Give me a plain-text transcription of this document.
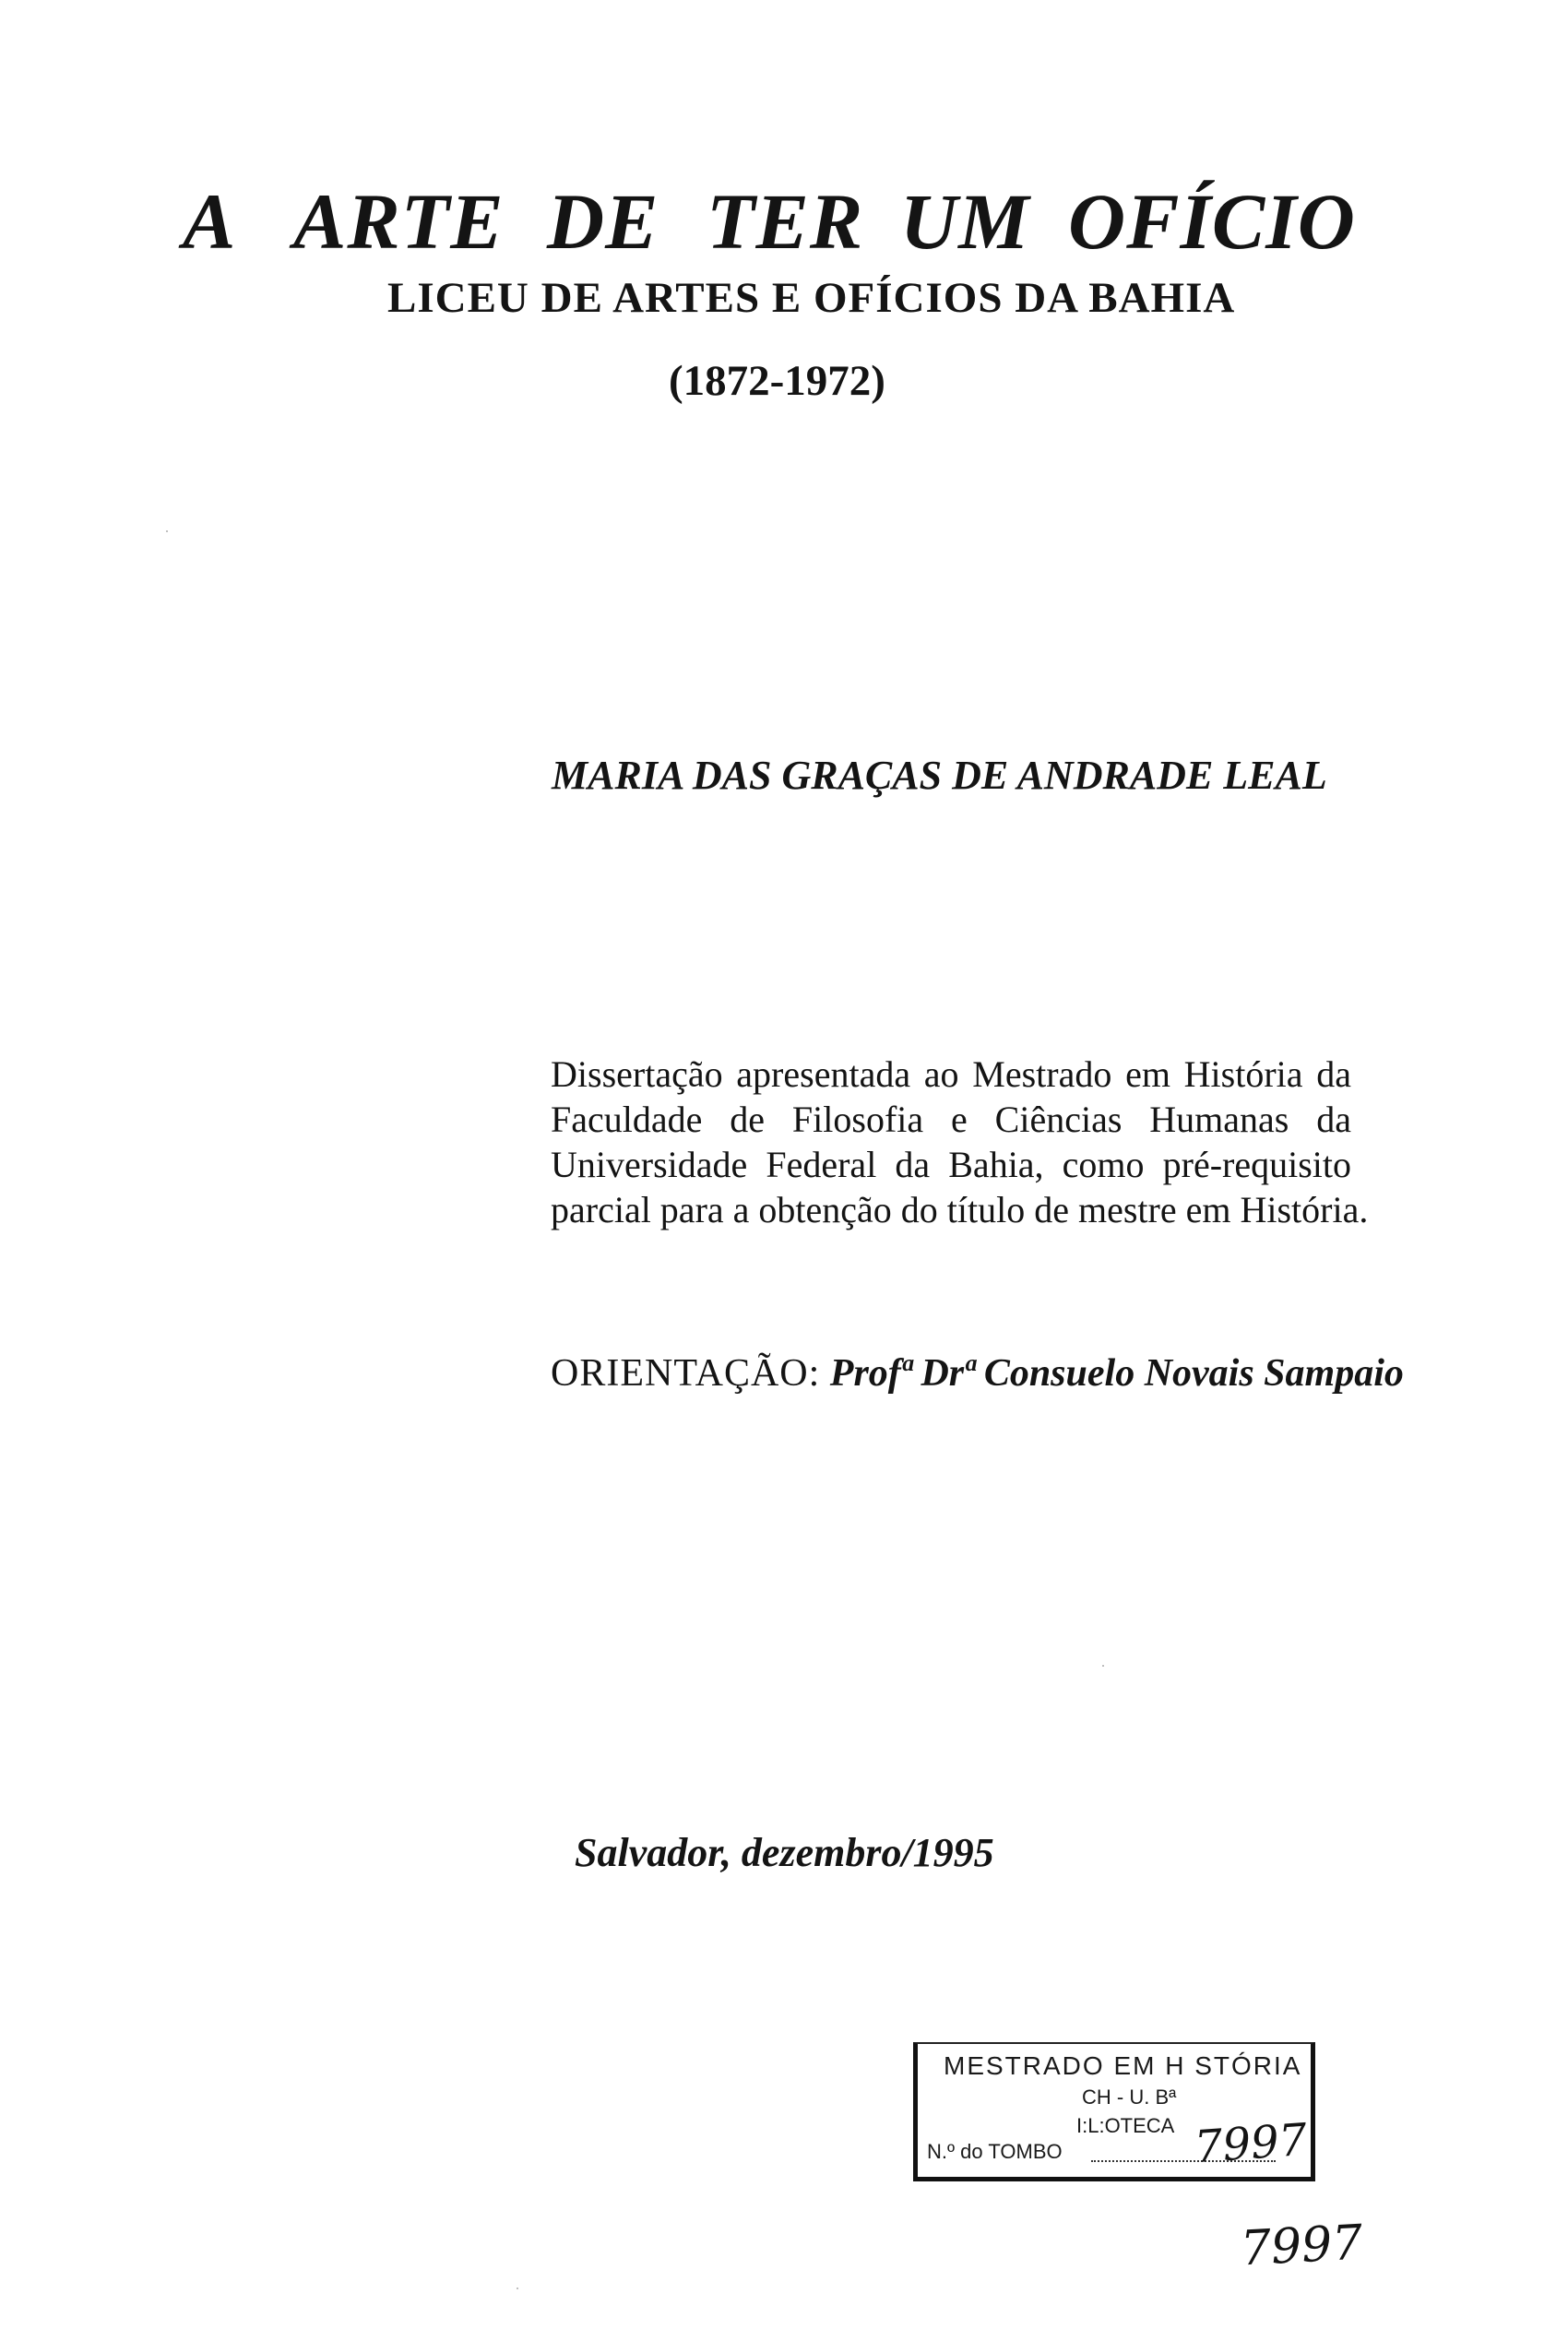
A ARTE DE TER UM OFÍCIO
LICEU DE ARTES E OFÍCIOS DA BAHIA
(1872-1972)
MARIA DAS GRAÇAS DE ANDRADE LEAL
Dissertação apresentada ao Mestrado em História da
Faculdade de Filosofia e Ciências Humanas da
Universidade Federal da Bahia, como pré-requisito
parcial para a obtenção do título de mestre em História.
ORIENTAÇÃO: Profª Drª Consuelo Novais Sampaio
Salvador, dezembro/1995
MESTRADO EM H STÓRIA
CH - U. Bª
I:L:OTECA
N.º do TOMBO	7997
7997
